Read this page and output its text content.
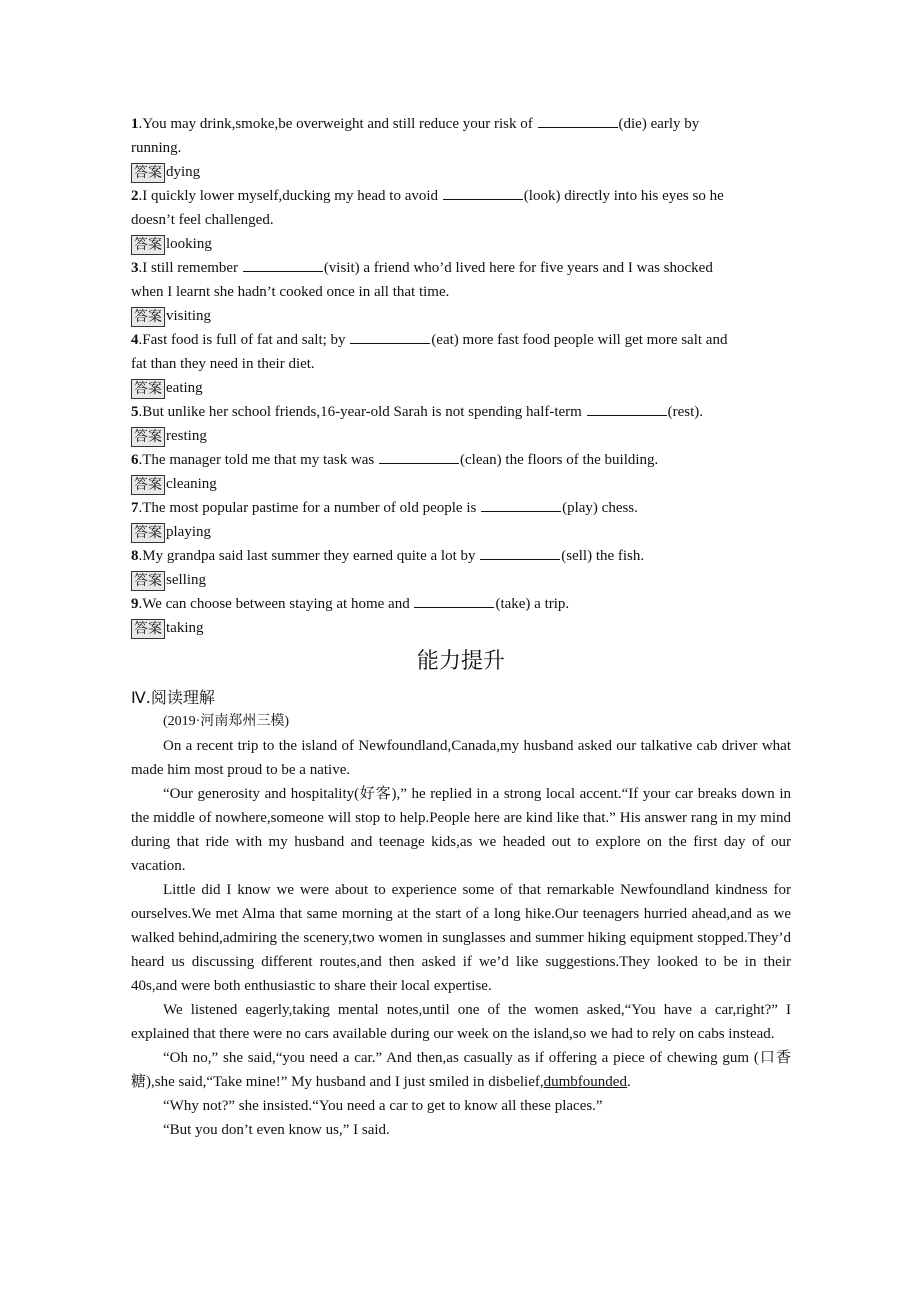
1.You may drink,smoke,be overweight and still reduce your risk of	(die) early by
running.
答案 dying
2.I quickly lower myself,ducking my head to avoid	(look) directly into his eyes so he
doesn’t feel challenged.
答案 looking
3.I still remember	(visit) a friend who’d lived here for five years and I was shocked
when I learnt she hadn’t cooked once in all that time.
答案 visiting
4.Fast food is full of fat and salt; by	(eat) more fast food people will get more salt and
fat than they need in their diet.
答案 eating
5.But unlike her school friends,16-year-old Sarah is not spending half-term	(rest).
答案 resting
6.The manager told me that my task was	(clean) the floors of the building.
答案 cleaning
7.The most popular pastime for a number of old people is	(play) chess.
答案 playing
8.My grandpa said last summer they earned quite a lot by	(sell) the fish.
答案 selling
9.We can choose between staying at home and	(take) a trip.
答案 taking
能力提升
Ⅳ.阅读理解
(2019·河南郑州三模)
On a recent trip to the island of Newfoundland,Canada,my husband asked our talkative cab driver what made him most proud to be a native.
“Our generosity and hospitality(好客),” he replied in a strong local accent.“If your car breaks down in the middle of nowhere,someone will stop to help.People here are kind like that.” His answer rang in my mind during that ride with my husband and teenage kids,as we headed out to explore on the first day of our vacation.
Little did I know we were about to experience some of that remarkable Newfoundland kindness for ourselves.We met Alma that same morning at the start of a long hike.Our teenagers hurried ahead,and as we walked behind,admiring the scenery,two women in sunglasses and summer hiking equipment stopped.They’d heard us discussing different routes,and then asked if we’d like suggestions.They looked to be in their 40s,and were both enthusiastic to share their local expertise.
We listened eagerly,taking mental notes,until one of the women asked,“You have a car,right?” I explained that there were no cars available during our week on the island,so we had to rely on cabs instead.
“Oh no,” she said,“you need a car.” And then,as casually as if offering a piece of chewing gum (口香糖),she said,“Take mine!” My husband and I just smiled in disbelief,dumbfounded.
“Why not?” she insisted.“You need a car to get to know all these places.”
“But you don’t even know us,” I said.
